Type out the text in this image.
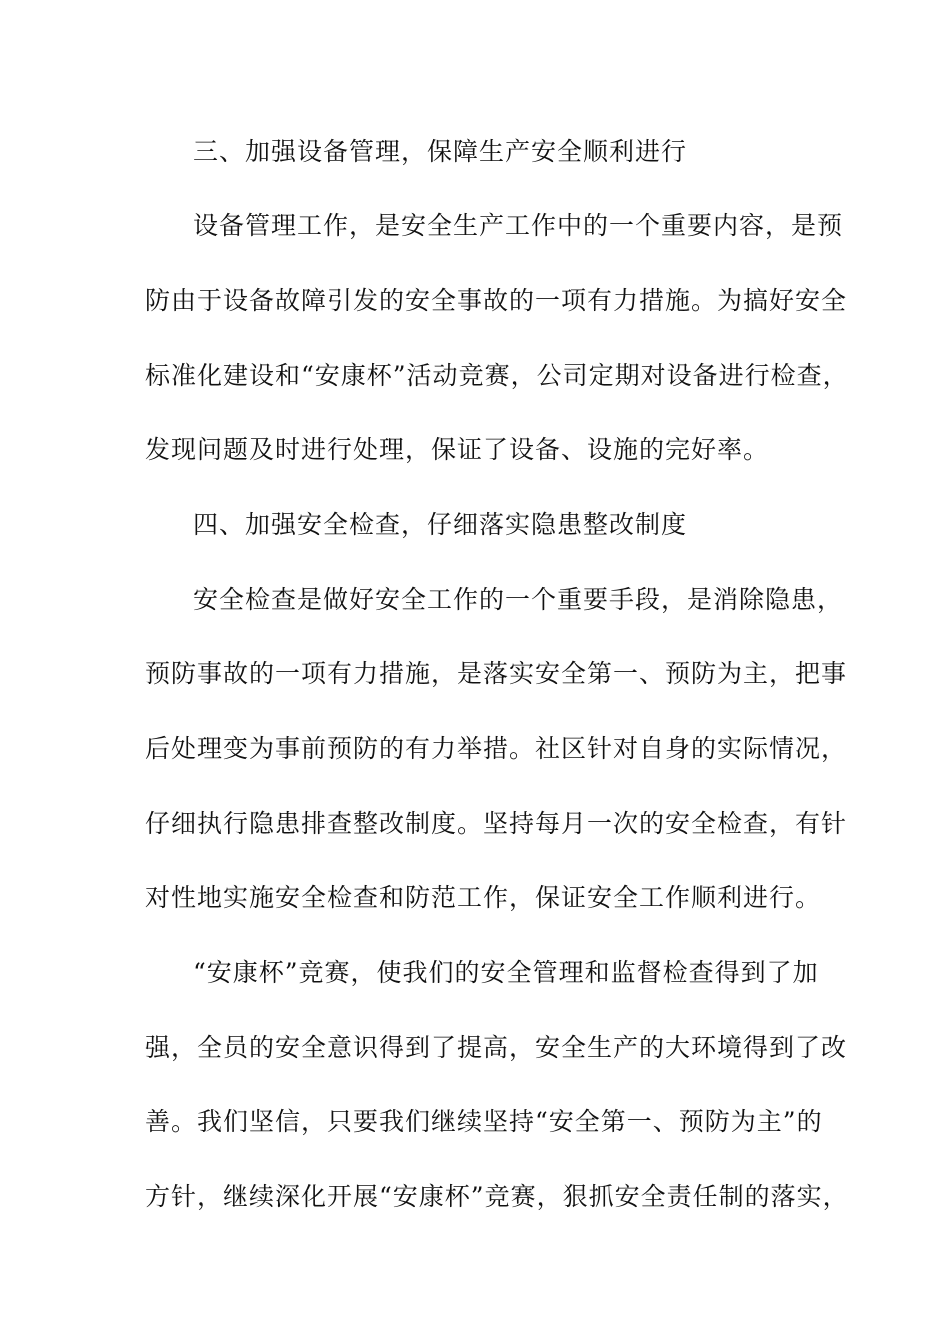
三、加强设备管理，保障生产安全顺利进行
设备管理工作，是安全生产工作中的一个重要内容，是预
防由于设备故障引发的安全事故的一项有力措施。为搞好安全
标准化建设和“安康杯”活动竞赛，公司定期对设备进行检查，
发现问题及时进行处理，保证了设备、设施的完好率。
四、加强安全检查，仔细落实隐患整改制度
安全检查是做好安全工作的一个重要手段，是消除隐患，
预防事故的一项有力措施，是落实安全第一、预防为主，把事
后处理变为事前预防的有力举措。社区针对自身的实际情况，
仔细执行隐患排查整改制度。坚持每月一次的安全检查，有针
对性地实施安全检查和防范工作，保证安全工作顺利进行。
“安康杯”竞赛，使我们的安全管理和监督检查得到了加
强，全员的安全意识得到了提高，安全生产的大环境得到了改
善。我们坚信，只要我们继续坚持“安全第一、预防为主”的
方针，继续深化开展“安康杯”竞赛，狠抓安全责任制的落实，
